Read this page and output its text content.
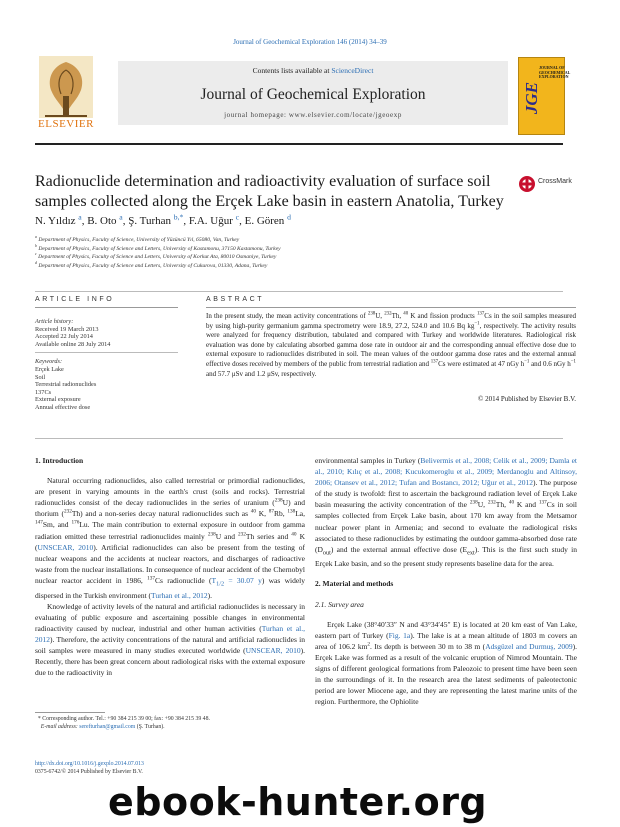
Journal of Geochemical Exploration 146 (2014) 34–39
ELSEVIER
Contents lists available at ScienceDirect
Journal of Geochemical Exploration
journal homepage: www.elsevier.com/locate/jgeoexp
JOURNAL OF
GEOCHEMICAL
EXPLORATION
JGE
Radionuclide determination and radioactivity evaluation of surface soil samples collected along the Erçek Lake basin in eastern Anatolia, Turkey
CrossMark
N. Yıldız $^a$, B. Oto $^a$, Ş. Turhan $^{b,*}$, F.A. Uğur $^c$, E. Gören $^d$
$^a$ Department of Physics, Faculty of Science, University of Yüzüncü Yıl, 65080, Van, Turkey
$^b$ Department of Physics, Faculty of Science and Letters, University of Kastamonu, 37150 Kastamonu, Turkey
$^c$ Department of Physics, Faculty of Science and Letters, University of Korkut Ata, 80010 Osmaniye, Turkey
$^d$ Department of Physics, Faculty of Science and Letters, University of Cukurova, 01330, Adana, Turkey
ARTICLE INFO	ABSTRACT
Article history:
Received 19 March 2013
Accepted 22 July 2014
Available online 28 July 2014
Keywords:
Erçek Lake
Soil
Terrestrial radionuclides
137Cs
External exposure
Annual effective dose
In the present study, the mean activity concentrations of $^{238}$U, $^{232}$Th, $^{40}$ K and fission products $^{137}$Cs in the soil samples measured by using high-purity germanium gamma spectrometry were 18.9, 27.2, 524.0 and 10.6 Bq $kg^{-1}$, respectively. The activity results were analyzed for frequency distribution, tabulated and compared with Turkey and worldwide literatures. Radiological risk evaluation was done by calculating absorbed gamma dose rate in outdoor air and the corresponding annual effective dose due to external exposure to radionuclides distributed in soil. The mean values of the outdoor gamma dose rates and the external annual effective doses received by members of the public from terrestrial radiation and $^{137}$Cs were estimated at 47 nGy $h^{-1}$ and 0.6 nGy $h^{-1}$ and 57.7 μSv and 1.2 μSv, respectively.
© 2014 Published by Elsevier B.V.
1. Introduction

Natural occurring radionuclides, also called terrestrial or primordial radionuclides, are present in varying amounts in the earth's crust (soils and rocks). Terrestrial radionuclides consist of the decay radionuclides in the series of uranium ($^{238}$U) and thorium ($^{232}$Th) and a non-series decay natural radionuclides such as $^{40}$ K, $^{87}$Rb, $^{138}$La, $^{147}$Sm, and $^{176}$Lu. The main contribution to external exposure in outdoor from gamma radiation emitted these terrestrial radionuclides mainly $^{238}$U and $^{232}$Th series and $^{40}$ K (UNSCEAR, 2010). Artificial radionuclides can also be present from the testing of nuclear weapons and the accidents at nuclear reactors, and discharges of radioactive waste from the nuclear installations. In consequence of nuclear accident of the Chernobyl nuclear reactor accident in 1986, $^{137}$Cs radionuclide ($T_{1/2} = 30.07$ y) was widely dispersed in the Turkish environment (Turhan et al., 2012).

Knowledge of activity levels of the natural and artificial radionuclides is necessary in evaluating of public exposure and ascertaining possible changes in environmental radioactivity caused by nuclear, industrial and other human activities (Turhan et al., 2012). Therefore, the activity concentrations of the natural and artificial radionuclides in soil samples were measured in many studies executed worldwide (UNSCEAR, 2010). Recently, there has been great concern about radiological risks with the external exposure due to the radioactivity in

* Corresponding author. Tel.: +90 384 215 39 00; fax: +90 384 215 39 48.
E-mail address: serefturhan@gmail.com (Ş. Turhan).
http://dx.doi.org/10.1016/j.gexplo.2014.07.013
0375-6742/© 2014 Published by Elsevier B.V.
environmental samples in Turkey (Belivermis et al., 2008; Celik et al., 2009; Damla et al., 2010; Kılıç et al., 2008; Kucukomeroglu et al., 2009; Merdanoglu and Altinsoy, 2006; Otansev et al., 2012; Tufan and Bostancı, 2012; Uğur et al., 2012). The purpose of the study is twofold: first to ascertain the background radiation level of Erçek Lake basin measuring the activity concentration of the $^{238}$U, $^{232}$Th, $^{40}$ K and $^{137}$Cs in soil samples collected from Erçek Lake basin, about 170 km away from the Metsamor nuclear power plant in Armenia; and second to evaluate the radiological risks associated to these radionuclides by estimating the outdoor gamma-absorbed dose rate $(D_{out})$ and the external annual effective dose $(E_{ext})$. This is the first such study in Erçek Lake basin, and so the present study represents baseline data for the area.
2. Material and methods
2.1. Survey area

Erçek Lake (38°40′33″ N and 43°34′45″ E) is located at 20 km east of Van Lake, eastern part of Turkey (Fig. 1a). The lake is at a mean altitude of 1803 m covers an area of 106.2 $km^2$. Its depth is between 30 m to 38 m (Adsgüzel and Durmuş, 2009). Erçek Lake was formed as a result of the volcanic eruption of Nimrod Mountain. The signs of different geological formations from Paleozoic to present time have been seen in the surroundings of it. In the research area the latest sediments of paleotectonic period are lower Miocene age, and they are representing the latest marine units of the region. Furthermore, the Ophiolite

ebook-hunter.org
